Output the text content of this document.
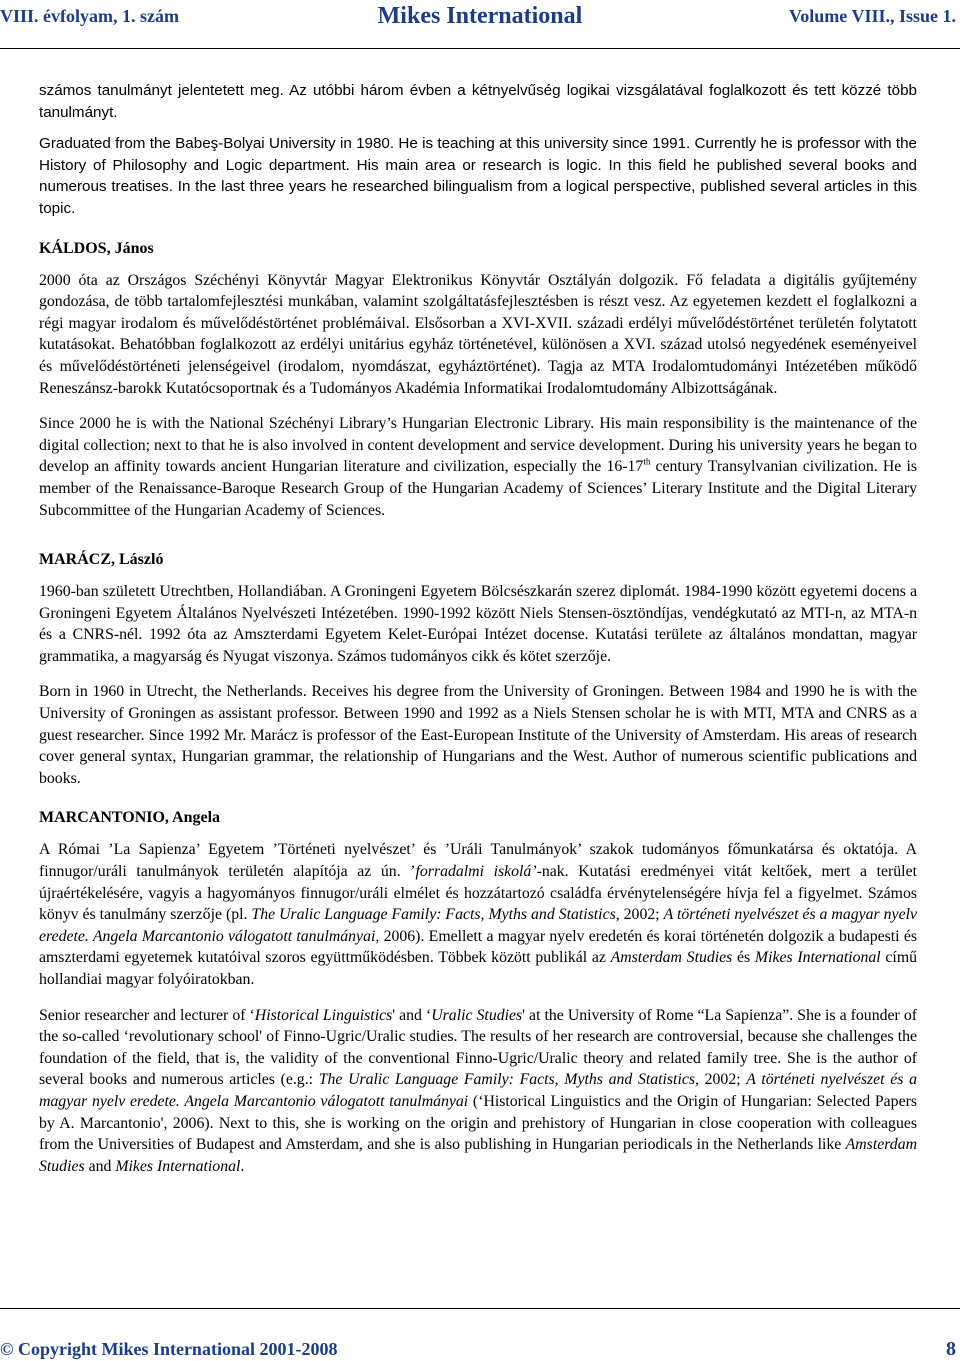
VIII. évfolyam, 1. szám	Mikes International	Volume VIII., Issue 1.

számos tanulmányt jelentetett meg. Az utóbbi három évben a kétnyelvűség logikai vizsgálatával foglalkozott és tett közzé több tanulmányt.

Graduated from the Babeş-Bolyai University in 1980. He is teaching at this university since 1991. Currently he is professor with the History of Philosophy and Logic department. His main area or research is logic. In this field he published several books and numerous treatises. In the last three years he researched bilingualism from a logical perspective, published several articles in this topic.

KÁLDOS, János

2000 óta az Országos Széchényi Könyvtár Magyar Elektronikus Könyvtár Osztályán dolgozik. Fő feladata a digitális gyűjtemény gondozása, de több tartalomfejlesztési munkában, valamint szolgáltatásfejlesztésben is részt vesz. Az egyetemen kezdett el foglalkozni a régi magyar irodalom és művelődéstörténet problémáival. Elsősorban a XVI-XVII. századi erdélyi művelődéstörténet területén folytatott kutatásokat. Behatóbban foglalkozott az erdélyi unitárius egyház történetével, különösen a XVI. század utolsó negyedének eseményeivel és művelődéstörténeti jelenségeivel (irodalom, nyomdászat, egyháztörténet). Tagja az MTA Irodalomtudományi Intézetében működő Reneszánsz-barokk Kutatócsoportnak és a Tudományos Akadémia Informatikai Irodalomtudomány Albizottságának.

Since 2000 he is with the National Széchényi Library’s Hungarian Electronic Library. His main responsibility is the maintenance of the digital collection; next to that he is also involved in content development and service development. During his university years he began to develop an affinity towards ancient Hungarian literature and civilization, especially the 16-17th century Transylvanian civilization. He is member of the Renaissance-Baroque Research Group of the Hungarian Academy of Sciences’ Literary Institute and the Digital Literary Subcommittee of the Hungarian Academy of Sciences.

MARÁCZ, László

1960-ban született Utrechtben, Hollandiában. A Groningeni Egyetem Bölcsészkarán szerez diplomát. 1984-1990 között egyetemi docens a Groningeni Egyetem Általános Nyelvészeti Intézetében. 1990-1992 között Niels Stensen-ösztöndíjas, vendégkutató az MTI-n, az MTA-n és a CNRS-nél. 1992 óta az Amszterdami Egyetem Kelet-Európai Intézet docense. Kutatási területe az általános mondattan, magyar grammatika, a magyarság és Nyugat viszonya. Számos tudományos cikk és kötet szerzője.

Born in 1960 in Utrecht, the Netherlands. Receives his degree from the University of Groningen. Between 1984 and 1990 he is with the University of Groningen as assistant professor. Between 1990 and 1992 as a Niels Stensen scholar he is with MTI, MTA and CNRS as a guest researcher. Since 1992 Mr. Marácz is professor of the East-European Institute of the University of Amsterdam. His areas of research cover general syntax, Hungarian grammar, the relationship of Hungarians and the West. Author of numerous scientific publications and books.

MARCANTONIO, Angela

A Római ’La Sapienza’ Egyetem ’Történeti nyelvészet’ és ’Uráli Tanulmányok’ szakok tudományos főmunkatársa és oktatója. A finnugor/uráli tanulmányok területén alapítója az ún. ’forradalmi iskolá’-nak. Kutatási eredményei vitát keltőek, mert a terület újraértékelésére, vagyis a hagyományos finnugor/uráli elmélet és hozzátartozó családfa érvénytelenségére hívja fel a figyelmet. Számos könyv és tanulmány szerzője (pl. The Uralic Language Family: Facts, Myths and Statistics, 2002; A történeti nyelvészet és a magyar nyelv eredete. Angela Marcantonio válogatott tanulmányai, 2006). Emellett a magyar nyelv eredetén és korai történetén dolgozik a budapesti és amszterdami egyetemek kutatóival szoros együttműködésben. Többek között publikál az Amsterdam Studies és Mikes International című hollandiai magyar folyóiratokban.

Senior researcher and lecturer of ‘Historical Linguistics' and ‘Uralic Studies' at the University of Rome “La Sapienza”. She is a founder of the so-called ‘revolutionary school' of Finno-Ugric/Uralic studies. The results of her research are controversial, because she challenges the foundation of the field, that is, the validity of the conventional Finno-Ugric/Uralic theory and related family tree. She is the author of several books and numerous articles (e.g.: The Uralic Language Family: Facts, Myths and Statistics, 2002; A történeti nyelvészet és a magyar nyelv eredete. Angela Marcantonio válogatott tanulmányai (‘Historical Linguistics and the Origin of Hungarian: Selected Papers by A. Marcantonio', 2006). Next to this, she is working on the origin and prehistory of Hungarian in close cooperation with colleagues from the Universities of Budapest and Amsterdam, and she is also publishing in Hungarian periodicals in the Netherlands like Amsterdam Studies and Mikes International.

© Copyright Mikes International 2001-2008	8
